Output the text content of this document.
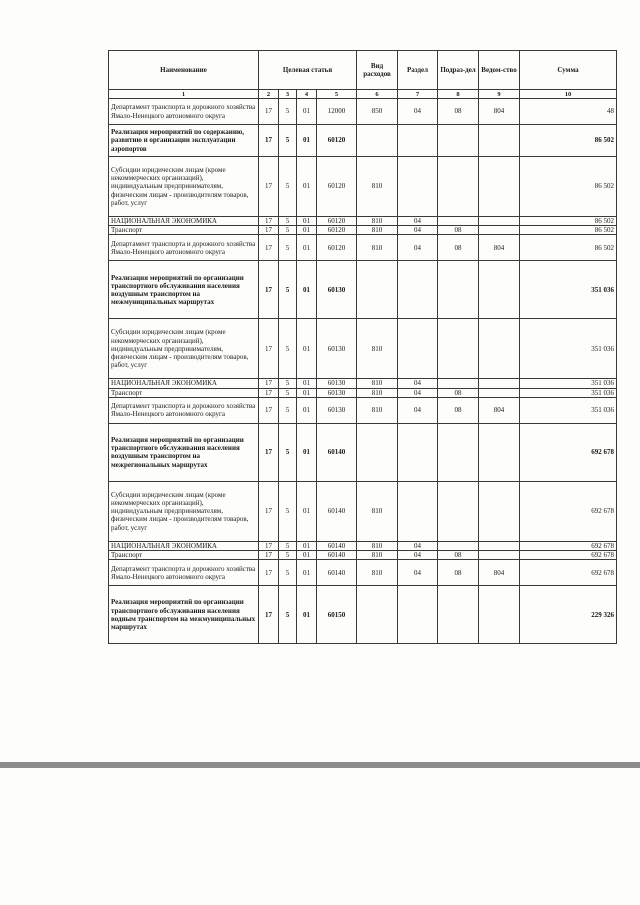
Наименование	Целевая статья				Вид расходов	Раздел	Подраз-дел	Ведом-ство	Сумма
1	2	3	4	5	6	7	8	9	10
Департамент транспорта и дорожного хозяйства Ямало-Ненецкого автономного округа	17	5	01	12000	850	04	08	804	48
Реализация мероприятий по содержанию, развитию и организации эксплуатации аэропортов	17	5	01	60120					86 502
Субсидии юридическим лицам (кроме некоммерческих организаций), индивидуальным предпринимателям, физическим лицам - производителям товаров, работ, услуг	17	5	01	60120	810				86 502
НАЦИОНАЛЬНАЯ ЭКОНОМИКА	17	5	01	60120	810	04			86 502
Транспорт	17	5	01	60120	810	04	08		86 502
Департамент транспорта и дорожного хозяйства Ямало-Ненецкого автономного округа	17	5	01	60120	810	04	08	804	86 502
Реализация мероприятий по организации транспортного обслуживания населения воздушным транспортом на межмуниципальных маршрутах	17	5	01	60130					351 036
Субсидии юридическим лицам (кроме некоммерческих организаций), индивидуальным предпринимателям, физическим лицам - производителям товаров, работ, услуг	17	5	01	60130	810				351 036
НАЦИОНАЛЬНАЯ ЭКОНОМИКА	17	5	01	60130	810	04			351 036
Транспорт	17	5	01	60130	810	04	08		351 036
Департамент транспорта и дорожного хозяйства Ямало-Ненецкого автономного округа	17	5	01	60130	810	04	08	804	351 036
Реализация мероприятий по организации транспортного обслуживания населения воздушным транспортом на межрегиональных маршрутах	17	5	01	60140					692 678
Субсидии юридическим лицам (кроме некоммерческих организаций), индивидуальным предпринимателям, физическим лицам - производителям товаров, работ, услуг	17	5	01	60140	810				692 678
НАЦИОНАЛЬНАЯ ЭКОНОМИКА	17	5	01	60140	810	04			692 678
Транспорт	17	5	01	60140	810	04	08		692 678
Департамент транспорта и дорожного хозяйства Ямало-Ненецкого автономного округа	17	5	01	60140	810	04	08	804	692 678
Реализация мероприятий по организации транспортного обслуживания населения водным транспортом на межмуниципальных маршрутах	17	5	01	60150					229 326
